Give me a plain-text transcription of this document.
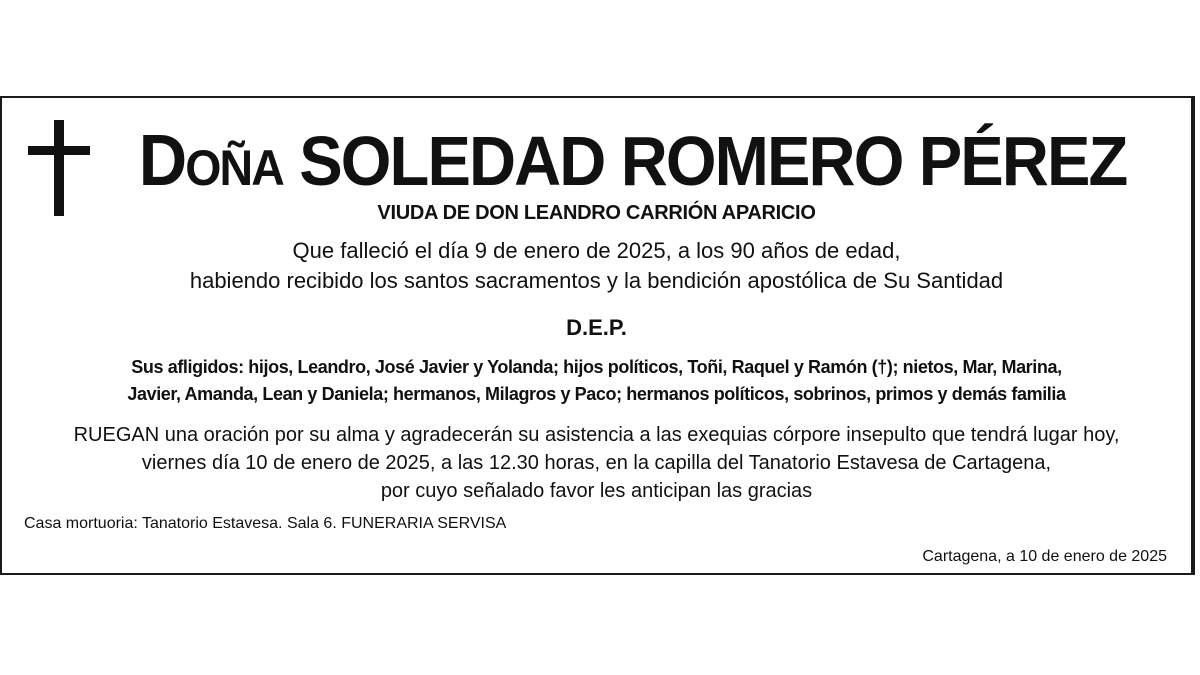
Doña SOLEDAD ROMERO PÉREZ
VIUDA DE DON LEANDRO CARRIÓN APARICIO
Que falleció el día 9 de enero de 2025, a los 90 años de edad,
habiendo recibido los santos sacramentos y la bendición apostólica de Su Santidad
D.E.P.
Sus afligidos: hijos, Leandro, José Javier y Yolanda; hijos políticos, Toñi, Raquel y Ramón (†); nietos, Mar, Marina,
Javier, Amanda, Lean y Daniela; hermanos, Milagros y Paco; hermanos políticos, sobrinos, primos y demás familia
RUEGAN una oración por su alma y agradecerán su asistencia a las exequias córpore insepulto que tendrá lugar hoy,
viernes día 10 de enero de 2025, a las 12.30 horas, en la capilla del Tanatorio Estavesa de Cartagena,
por cuyo señalado favor les anticipan las gracias
Casa mortuoria: Tanatorio Estavesa. Sala 6. FUNERARIA SERVISA
Cartagena, a 10 de enero de 2025
